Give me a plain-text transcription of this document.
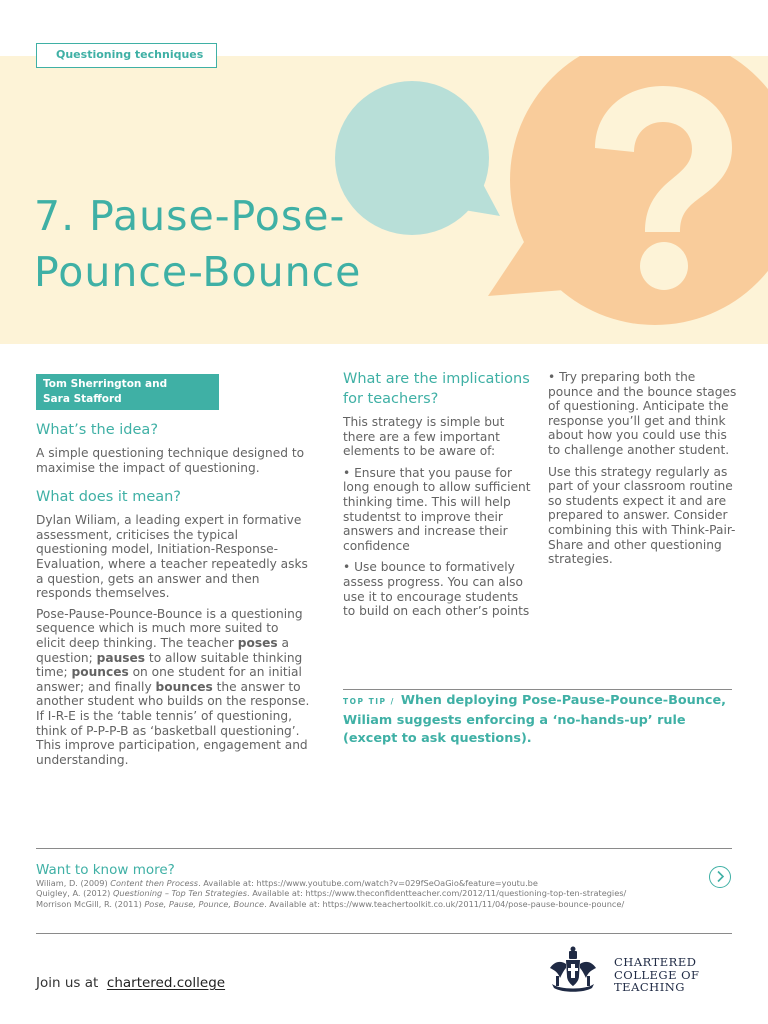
Questioning techniques
7. Pause-Pose-
Pounce-Bounce
Tom Sherrington and
Sara Stafford
What’s the idea?

A simple questioning technique designed to maximise the impact of questioning.

What does it mean?

Dylan Wiliam, a leading expert in formative assessment, criticises the typical questioning model, Initiation-Response-Evaluation, where a teacher repeatedly asks a question, gets an answer and then responds themselves.

Pose-Pause-Pounce-Bounce is a questioning sequence which is much more suited to elicit deep thinking. The teacher poses a question; pauses to allow suitable thinking time; pounces on one student for an initial answer; and finally bounces the answer to another student who builds on the response. If I-R-E is the ‘table tennis’ of questioning, think of P-P-P-B as ‘basketball questioning’. This improve participation, engagement and understanding.

What are the implications for teachers?

This strategy is simple but there are a few important elements to be aware of:

• Ensure that you pause for long enough to allow sufficient thinking time. This will help studentst to improve their answers and increase their confidence

• Use bounce to formatively assess progress. You can also use it to encourage students to build on each other’s points

• Try preparing both the pounce and the bounce stages of questioning. Anticipate the response you’ll get and think about how you could use this to challenge another student.

Use this strategy regularly as part of your classroom routine so students expect it and are prepared to answer. Consider combining this with Think-Pair-Share and other questioning strategies.

TOP TIP / When deploying Pose-Pause-Pounce-Bounce, Wiliam suggests enforcing a ‘no-hands-up’ rule (except to ask questions).
Want to know more?
Wiliam, D. (2009) Content then Process. Available at: https://www.youtube.com/watch?v=029fSeOaGio&feature=youtu.be
Quigley, A. (2012) Questioning – Top Ten Strategies. Available at: https://www.theconfidentteacher.com/2012/11/questioning-top-ten-strategies/
Morrison McGill, R. (2011) Pose, Pause, Pounce, Bounce. Available at: https://www.teachertoolkit.co.uk/2011/11/04/pose-pause-bounce-pounce/
Join us at chartered.college
CHARTERED
COLLEGE OF
TEACHING
